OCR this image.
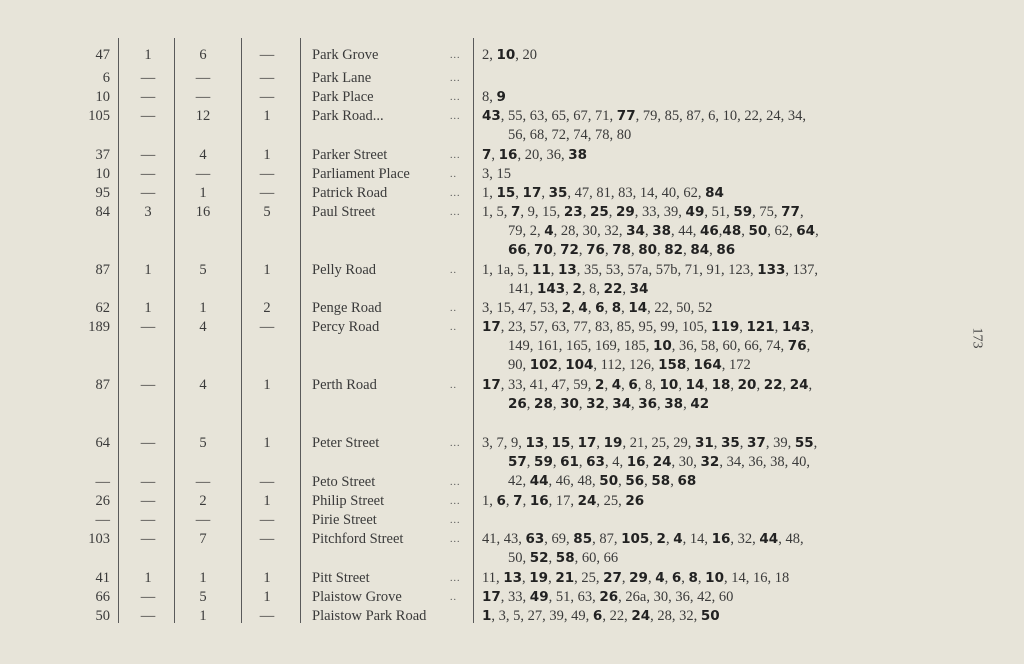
173
47	1	6	—	Park Grove	... 2, 10, 20
6	—	—	—	Park Lane	...

10	—	—	—	Park Place	... 8, 9
105	—	12	1	Park Road...	... 43, 55, 63, 65, 67, 71, 77, 79, 85, 87, 6, 10, 22, 24, 34,
56, 68, 72, 74, 78, 80
37	—	4	1	Parker Street	... 7, 16, 20, 36, 38
10	—	—	—	Parliament Place	.. 3, 15
95	—	1	—	Patrick Road	... 1, 15, 17, 35, 47, 81, 83, 14, 40, 62, 84
84	3	16	5	Paul Street	... 1, 5, 7, 9, 15, 23, 25, 29, 33, 39, 49, 51, 59, 75, 77,
79, 2, 4, 28, 30, 32, 34, 38, 44, 46,48, 50, 62, 64,
66, 70, 72, 76, 78, 80, 82, 84, 86
87	1	5	1	Pelly Road	.. 1, 1a, 5, 11, 13, 35, 53, 57a, 57b, 71, 91, 123, 133, 137,
141, 143, 2, 8, 22, 34
62	1	1	2	Penge Road	.. 3, 15, 47, 53, 2, 4, 6, 8, 14, 22, 50, 52
189	—	4	—	Percy Road	.. 17, 23, 57, 63, 77, 83, 85, 95, 99, 105, 119, 121, 143,
149, 161, 165, 169, 185, 10, 36, 58, 60, 66, 74, 76,
90, 102, 104, 112, 126, 158, 164, 172
87	—	4	1	Perth Road	.. 17, 33, 41, 47, 59, 2, 4, 6, 8, 10, 14, 18, 20, 22, 24,
26, 28, 30, 32, 34, 36, 38, 42
64	—	5	1	Peter Street	... 3, 7, 9, 13, 15, 17, 19, 21, 25, 29, 31, 35, 37, 39, 55,
57, 59, 61, 63, 4, 16, 24, 30, 32, 34, 36, 38, 40,
42, 44, 46, 48, 50, 56, 58, 68
—	—	—	—	Peto Street	...

26	—	2	1	Philip Street	... 1, 6, 7, 16, 17, 24, 25, 26
—	—	—	—	Pirie Street	...

103	—	7	—	Pitchford Street	... 41, 43, 63, 69, 85, 87, 105, 2, 4, 14, 16, 32, 44, 48,
50, 52, 58, 60, 66
41	1	1	1	Pitt Street	... 11, 13, 19, 21, 25, 27, 29, 4, 6, 8, 10, 14, 16, 18
66	—	5	1	Plaistow Grove	.. 17, 33, 49, 51, 63, 26, 26a, 30, 36, 42, 60
50	—	1	—	Plaistow Park Road	1, 3, 5, 27, 39, 49, 6, 22, 24, 28, 32, 50
